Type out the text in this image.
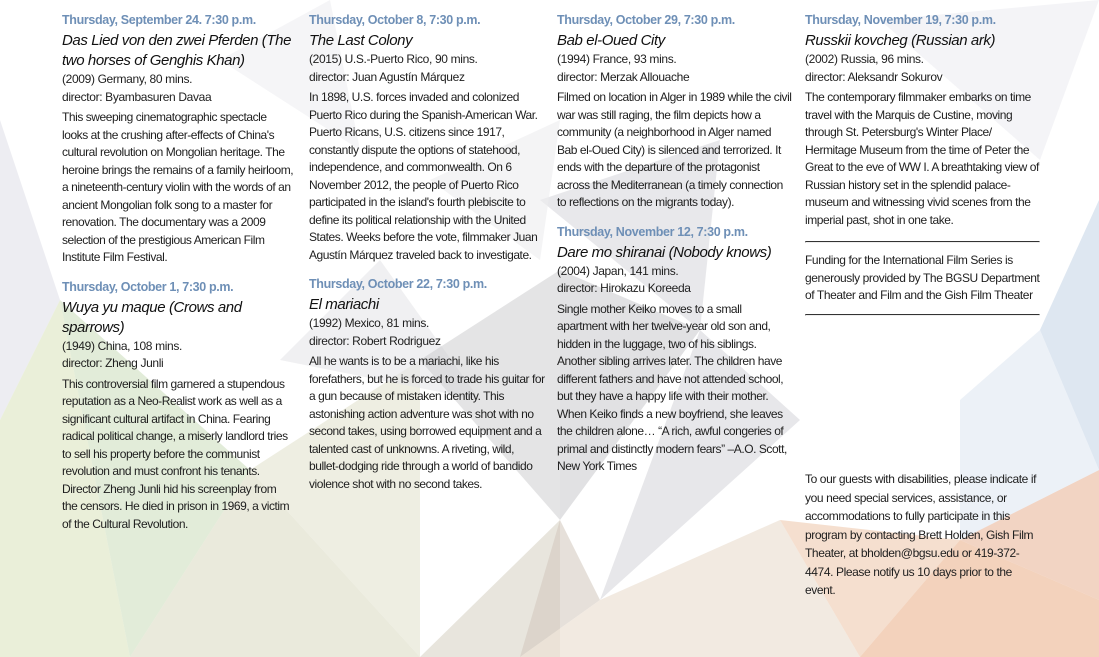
Thursday, September 24. 7:30 p.m.
Das Lied von den zwei Pferden (The two horses of Genghis Khan)
(2009) Germany, 80 mins.
director: Byambasuren Davaa
This sweeping cinematographic spectacle looks at the crushing after-effects of China's cultural revolution on Mongolian heritage. The heroine brings the remains of a family heirloom, a nineteenth-century violin with the words of an ancient Mongolian folk song to a master for renovation. The documentary was a 2009 selection of the prestigious American Film Institute Film Festival.
Thursday, October 1, 7:30 p.m.
Wuya yu maque (Crows and sparrows)
(1949) China, 108 mins.
director: Zheng Junli
This controversial film garnered a stupendous reputation as a Neo-Realist work as well as a significant cultural artifact in China. Fearing radical political change, a miserly landlord tries to sell his property before the communist revolution and must confront his tenants. Director Zheng Junli hid his screenplay from the censors. He died in prison in 1969, a victim of the Cultural Revolution.
Thursday, October 8, 7:30 p.m.
The Last Colony
(2015) U.S.-Puerto Rico, 90 mins.
director: Juan Agustín Márquez
In 1898, U.S. forces invaded and colonized Puerto Rico during the Spanish-American War. Puerto Ricans, U.S. citizens since 1917, constantly dispute the options of statehood, independence, and commonwealth. On 6 November 2012, the people of Puerto Rico participated in the island's fourth plebiscite to define its political relationship with the United States. Weeks before the vote, filmmaker Juan Agustín Márquez traveled back to investigate.
Thursday, October 22, 7:30 p.m.
El mariachi
(1992) Mexico, 81 mins.
director: Robert Rodriguez
All he wants is to be a mariachi, like his forefathers, but he is forced to trade his guitar for a gun because of mistaken identity. This astonishing action adventure was shot with no second takes, using borrowed equipment and a talented cast of unknowns. A riveting, wild, bullet-dodging ride through a world of bandido violence shot with no second takes.
Thursday, October 29, 7:30 p.m.
Bab el-Oued City
(1994) France, 93 mins.
director: Merzak Allouache
Filmed on location in Alger in 1989 while the civil war was still raging, the film depicts how a community (a neighborhood in Alger named Bab el-Oued City) is silenced and terrorized. It ends with the departure of the protagonist across the Mediterranean (a timely connection to reflections on the migrants today).
Thursday, November 12, 7:30 p.m.
Dare mo shiranai (Nobody knows)
(2004) Japan, 141 mins.
director: Hirokazu Koreeda
Single mother Keiko moves to a small apartment with her twelve-year old son and, hidden in the luggage, two of his siblings. Another sibling arrives later. The children have different fathers and have not attended school, but they have a happy life with their mother. When Keiko finds a new boyfriend, she leaves the children alone… “A rich, awful congeries of primal and distinctly modern fears” –A.O. Scott, New York Times
Thursday, November 19, 7:30 p.m.
Russkii kovcheg (Russian ark)
(2002) Russia, 96 mins.
director: Aleksandr Sokurov
The contemporary filmmaker embarks on time travel with the Marquis de Custine, moving through St. Petersburg's Winter Place/ Hermitage Museum from the time of Peter the Great to the eve of WW I. A breathtaking view of Russian history set in the splendid palace-museum and witnessing vivid scenes from the imperial past, shot in one take.
Funding for the International Film Series is generously provided by The BGSU Department of Theater and Film and the Gish Film Theater
To our guests with disabilities, please indicate if you need special services, assistance, or accommodations to fully participate in this program by contacting Brett Holden, Gish Film Theater, at bholden@bgsu.edu or 419-372-4474. Please notify us 10 days prior to the event.
